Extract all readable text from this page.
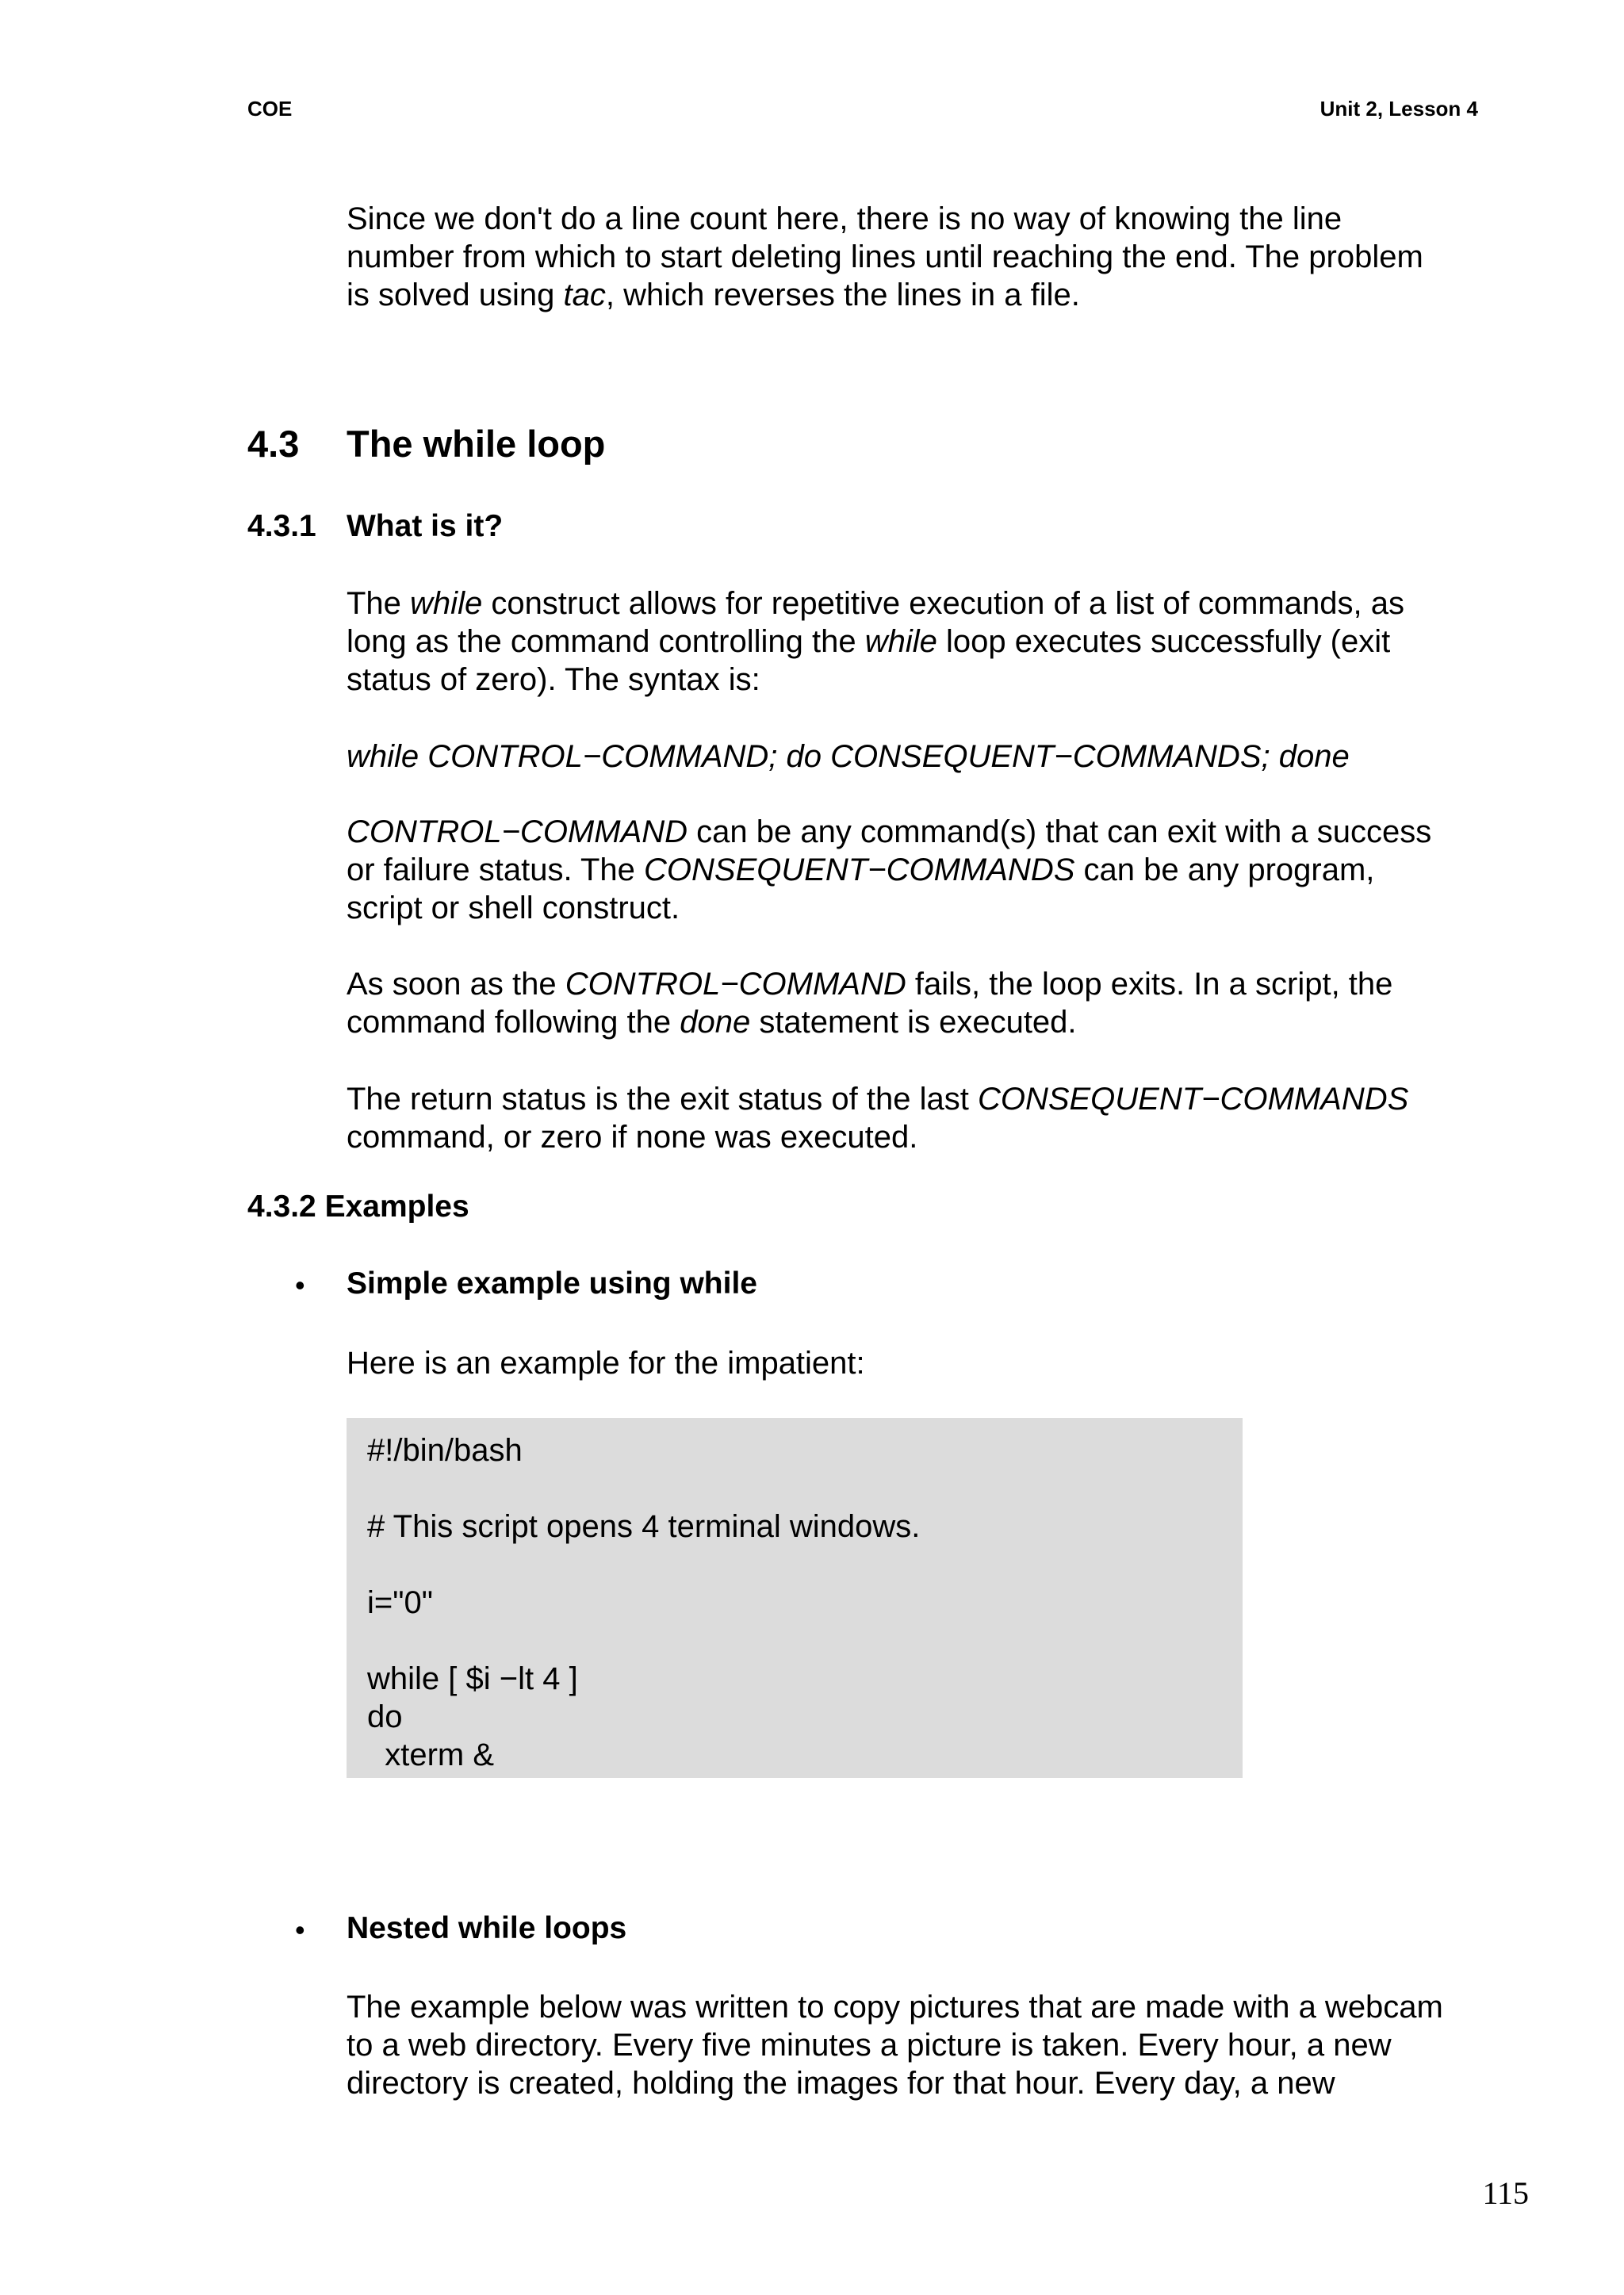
COE	Unit 2, Lesson 4
Since we don't do a line count here, there is no way of knowing the line
number from which to start deleting lines until reaching the end. The problem
is solved using tac, which reverses the lines in a file.
4.3 The while loop
4.3.1 What is it?
The while construct allows for repetitive execution of a list of commands, as
long as the command controlling the while loop executes successfully (exit
status of zero). The syntax is:
while CONTROL−COMMAND; do CONSEQUENT−COMMANDS; done
CONTROL−COMMAND can be any command(s) that can exit with a success
or failure status. The CONSEQUENT−COMMANDS can be any program,
script or shell construct.
As soon as the CONTROL−COMMAND fails, the loop exits. In a script, the
command following the done statement is executed.
The return status is the exit status of the last CONSEQUENT−COMMANDS
command, or zero if none was executed.
4.3.2 Examples
• Simple example using while
Here is an example for the impatient:
#!/bin/bash
# This script opens 4 terminal windows.
i="0"
while [ $i −lt 4 ]
do
xterm &
• Nested while loops
The example below was written to copy pictures that are made with a webcam
to a web directory. Every five minutes a picture is taken. Every hour, a new
directory is created, holding the images for that hour. Every day, a new
115
